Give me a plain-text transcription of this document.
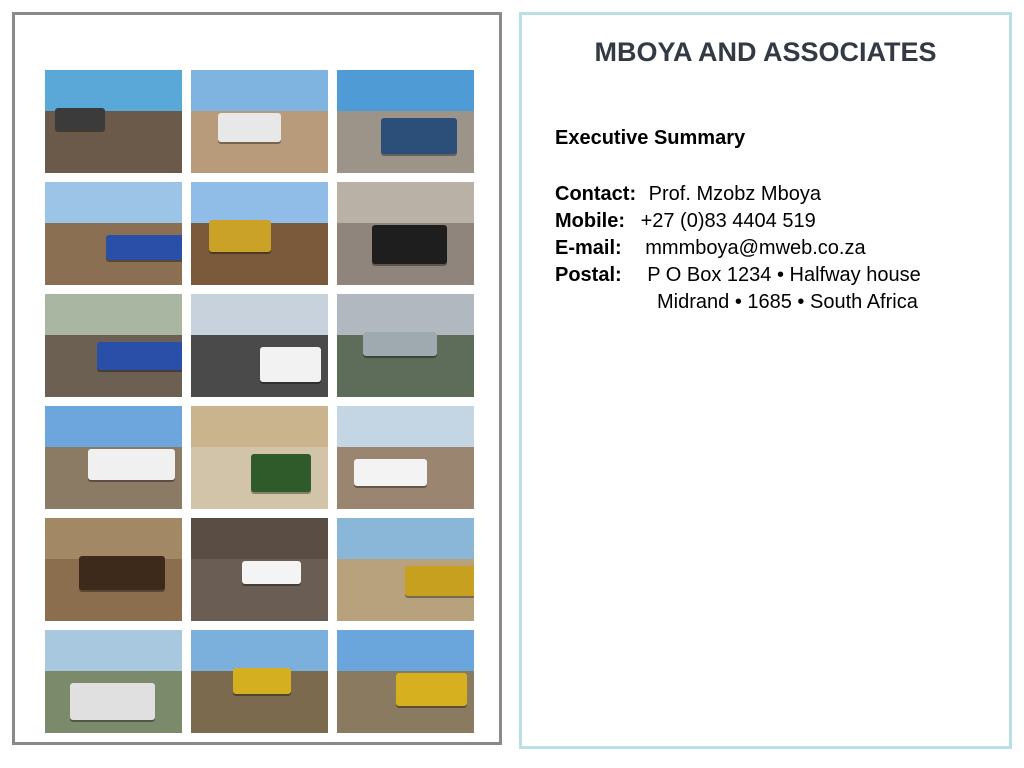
MBOYA AND ASSOCIATES
Executive Summary
Contact: Prof. Mzobz Mboya
Mobile: +27 (0)83 4404 519
E-mail: mmmboya@mweb.co.za
Postal: P O Box 1234 • Halfway house
Midrand • 1685 • South Africa
